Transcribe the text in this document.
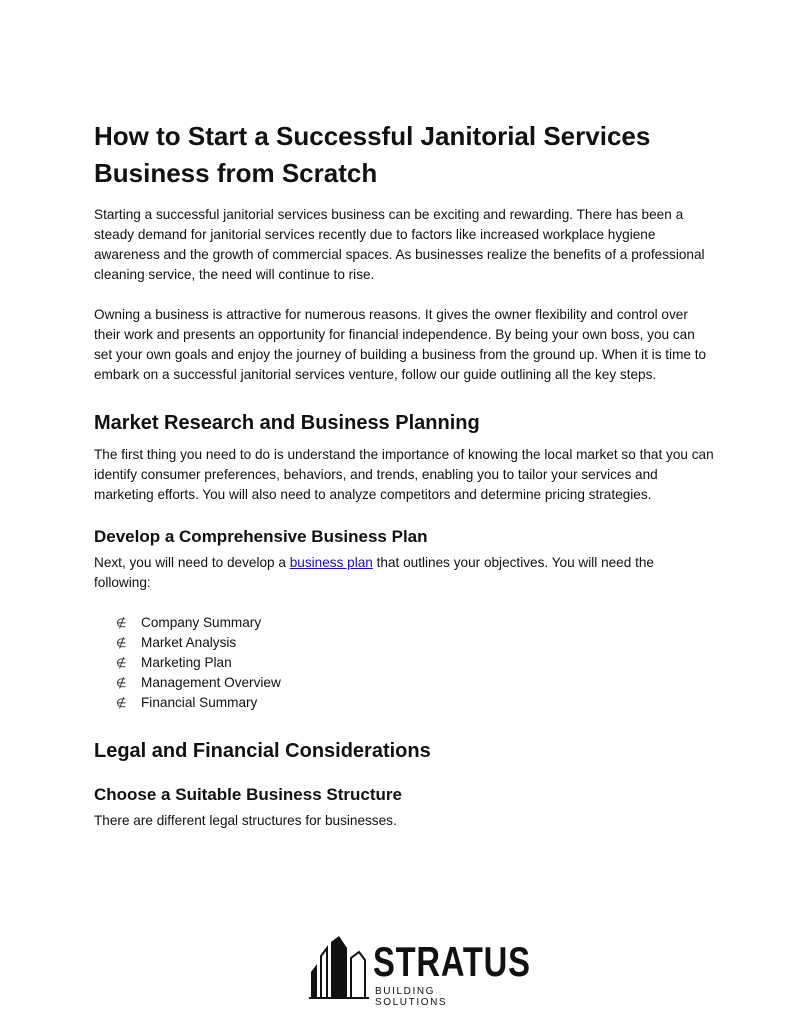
How to Start a Successful Janitorial Services Business from Scratch

Starting a successful janitorial services business can be exciting and rewarding. There has been a steady demand for janitorial services recently due to factors like increased workplace hygiene awareness and the growth of commercial spaces. As businesses realize the benefits of a professional cleaning service, the need will continue to rise.

Owning a business is attractive for numerous reasons. It gives the owner flexibility and control over their work and presents an opportunity for financial independence. By being your own boss, you can set your own goals and enjoy the journey of building a business from the ground up. When it is time to embark on a successful janitorial services venture, follow our guide outlining all the key steps.

Market Research and Business Planning

The first thing you need to do is understand the importance of knowing the local market so that you can identify consumer preferences, behaviors, and trends, enabling you to tailor your services and marketing efforts. You will also need to analyze competitors and determine pricing strategies.

Develop a Comprehensive Business Plan

Next, you will need to develop a business plan that outlines your objectives. You will need the following:

∉	Company Summary
∉	Market Analysis
∉	Marketing Plan
∉	Management Overview
∉	Financial Summary
Legal and Financial Considerations
Choose a Suitable Business Structure

There are different legal structures for businesses.

STRATUS
BUILDING SOLUTIONS
